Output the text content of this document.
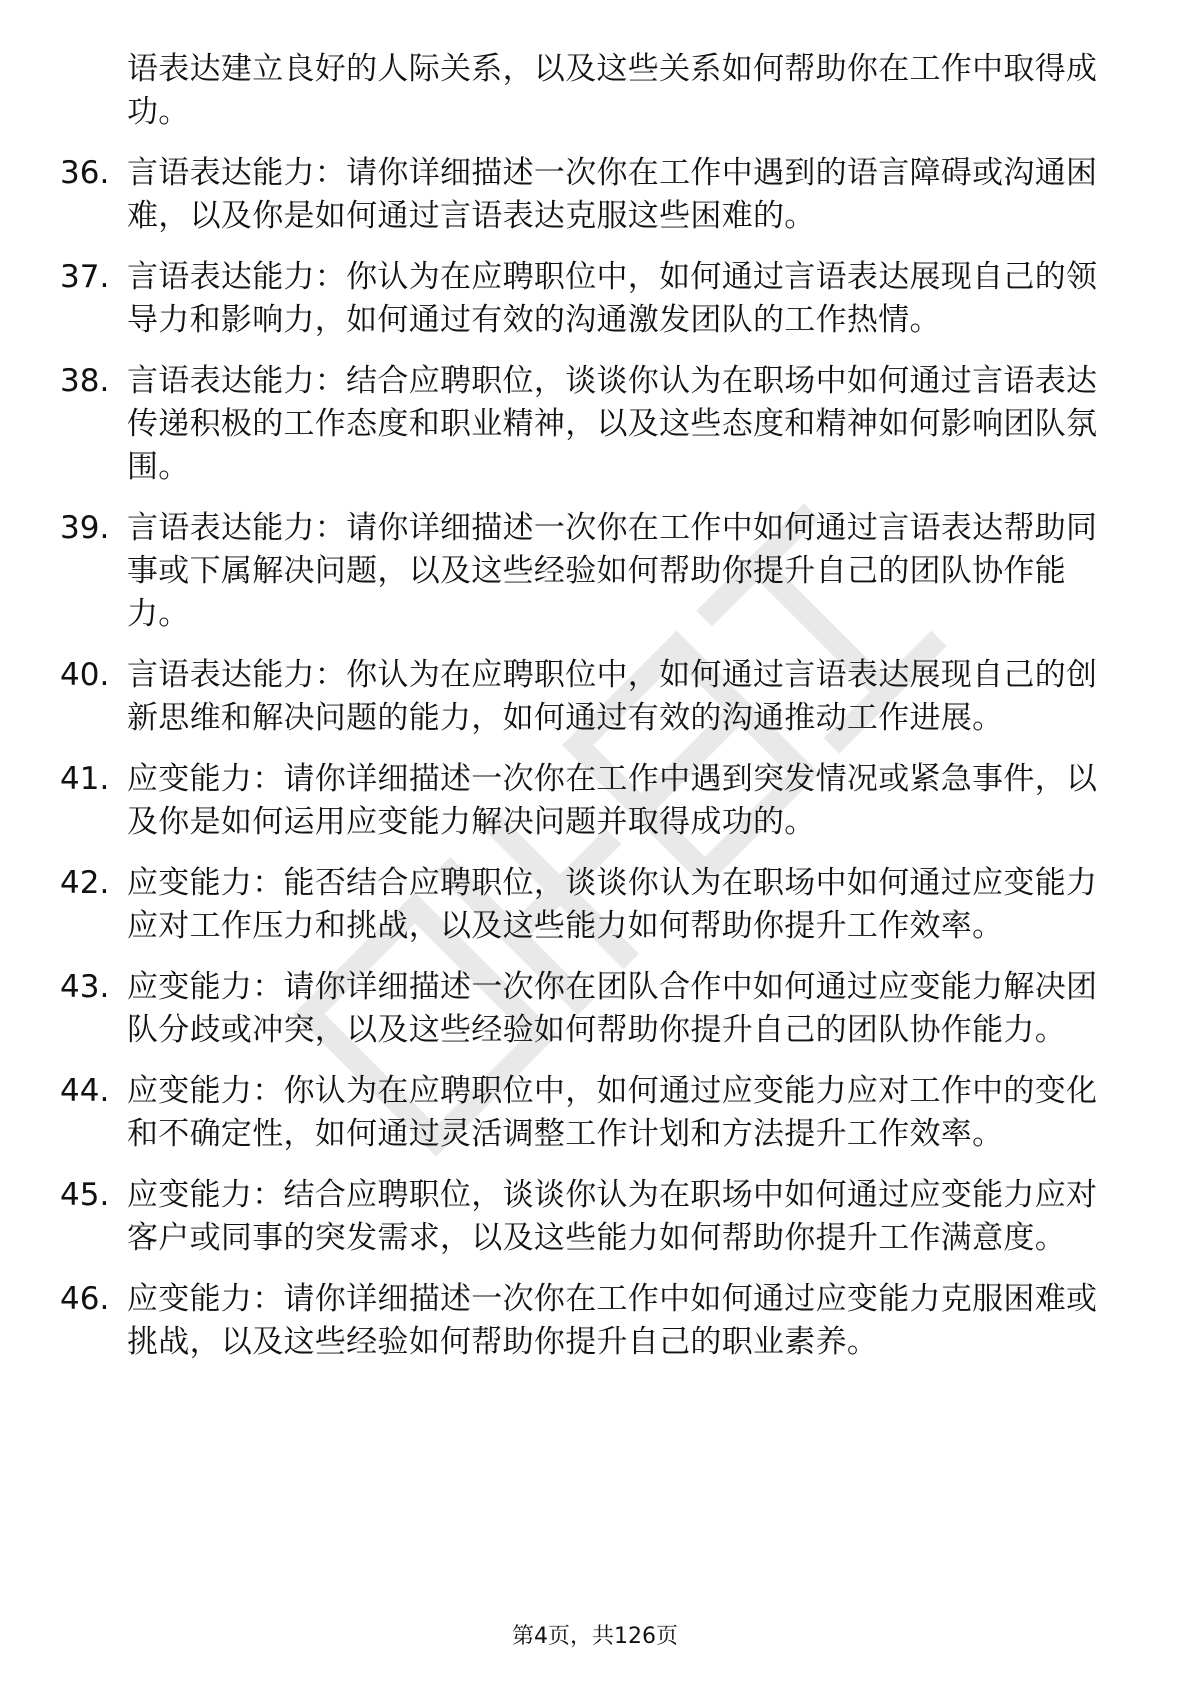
语表达建立良好的人际关系，以及这些关系如何帮助你在工作中取得成功。
36. 言语表达能力：请你详细描述一次你在工作中遇到的语言障碍或沟通困难，以及你是如何通过言语表达克服这些困难的。
37. 言语表达能力：你认为在应聘职位中，如何通过言语表达展现自己的领导力和影响力，如何通过有效的沟通激发团队的工作热情。
38. 言语表达能力：结合应聘职位，谈谈你认为在职场中如何通过言语表达传递积极的工作态度和职业精神，以及这些态度和精神如何影响团队氛围。
39. 言语表达能力：请你详细描述一次你在工作中如何通过言语表达帮助同事或下属解决问题，以及这些经验如何帮助你提升自己的团队协作能力。
40. 言语表达能力：你认为在应聘职位中，如何通过言语表达展现自己的创新思维和解决问题的能力，如何通过有效的沟通推动工作进展。
41. 应变能力：请你详细描述一次你在工作中遇到突发情况或紧急事件，以及你是如何运用应变能力解决问题并取得成功的。
42. 应变能力：能否结合应聘职位，谈谈你认为在职场中如何通过应变能力应对工作压力和挑战，以及这些能力如何帮助你提升工作效率。
43. 应变能力：请你详细描述一次你在团队合作中如何通过应变能力解决团队分歧或冲突，以及这些经验如何帮助你提升自己的团队协作能力。
44. 应变能力：你认为在应聘职位中，如何通过应变能力应对工作中的变化和不确定性，如何通过灵活调整工作计划和方法提升工作效率。
45. 应变能力：结合应聘职位，谈谈你认为在职场中如何通过应变能力应对客户或同事的突发需求，以及这些能力如何帮助你提升工作满意度。
46. 应变能力：请你详细描述一次你在工作中如何通过应变能力克服困难或挑战，以及这些经验如何帮助你提升自己的职业素养。
第4页，共126页
